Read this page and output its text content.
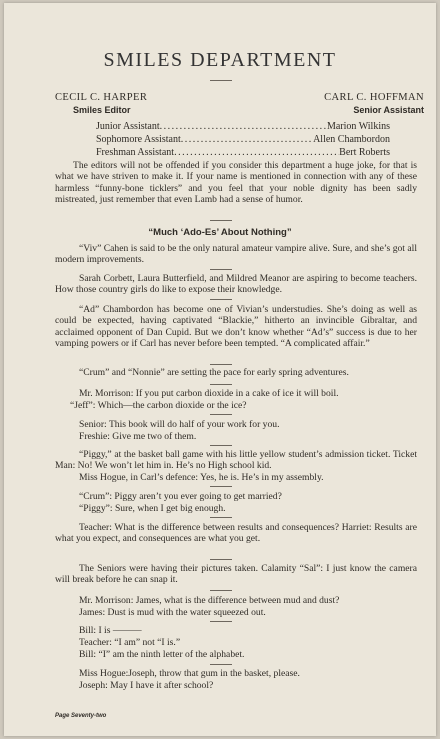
SMILES DEPARTMENT
CECIL C. HARPER
Smiles Editor
CARL C. HOFFMAN
Senior Assistant
Junior Assistant . . .	Marion Wilkins
Sophomore Assistant . . .	Allen Chambordon
Freshman Assistant . . .	Bert Roberts
The editors will not be offended if you consider this department a huge joke, for that is what we have striven to make it. If your name is mentioned in connection with any of these harmless “funny-bone ticklers” and you feel that your noble dignity has been sadly mistreated, just remember that even Lamb had a sense of humor.
“Much ‘Ado-Es’ About Nothing”
“Viv” Cahen is said to be the only natural amateur vampire alive. Sure, and she’s got all modern improvements.
Sarah Corbett, Laura Butterfield, and Mildred Meanor are aspiring to become teachers. How those country girls do like to expose their knowledge.
“Ad” Chambordon has become one of Vivian’s understudies. She’s doing as well as could be expected, having captivated “Blackie,” hitherto an invincible Gibraltar, and acclaimed opponent of Dan Cupid. But we don’t know whether “Ad’s” success is due to her vamping powers or if Carl has never before been tempted. “A complicated affair.”
“Crum” and “Nonnie” are setting the pace for early spring adventures.
Mr. Morrison: If you put carbon dioxide in a cake of ice it will boil.
“Jeff”: Which—the carbon dioxide or the ice?
Senior: This book will do half of your work for you.
Freshie: Give me two of them.
“Piggy,” at the basket ball game with his little yellow student’s admission ticket. Ticket Man: No! We won’t let him in. He’s no High school kid.
Miss Hogue, in Carl’s defence: Yes, he is. He’s in my assembly.
“Crum”: Piggy aren’t you ever going to get married?
“Piggy”: Sure, when I get big enough.
Teacher: What is the difference between results and consequences? Harriet: Results are what you expect, and consequences are what you get.
The Seniors were having their pictures taken. Calamity “Sal”: I just know the camera will break before he can snap it.
Mr. Morrison: James, what is the difference between mud and dust?
James: Dust is mud with the water squeezed out.
Bill: I is ———
Teacher: “I am” not “I is.”
Bill: “I” am the ninth letter of the alphabet.
Miss Hogue:Joseph, throw that gum in the basket, please.
Joseph: May I have it after school?
Page Seventy-two
